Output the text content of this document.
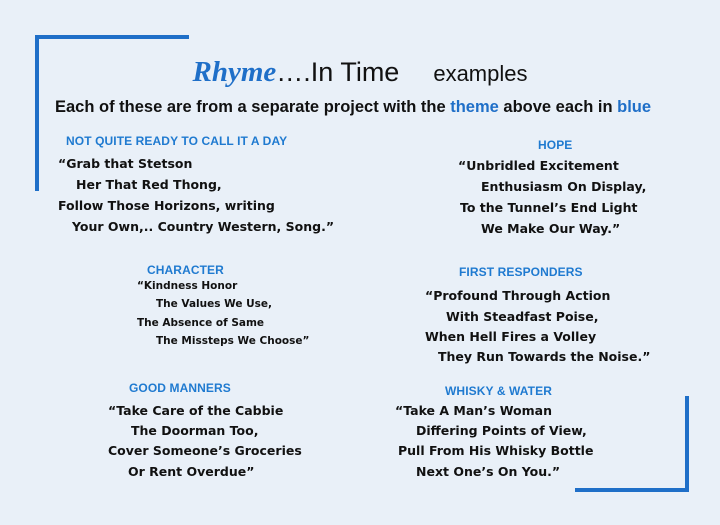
Rhyme….In Time examples
Each of these are from a separate project with the theme above each in blue
NOT QUITE READY TO CALL IT A DAY
“Grab that Stetson
Her That Red Thong,
Follow Those Horizons, writing
Your Own,.. Country Western, Song.”
HOPE
“Unbridled Excitement
Enthusiasm On Display,
To the Tunnel’s End Light
We Make Our Way.”
CHARACTER
“Kindness Honor
The Values We Use,
The Absence of Same
The Missteps We Choose”
FIRST RESPONDERS
“Profound Through Action
With Steadfast Poise,
When Hell Fires a Volley
They Run Towards the Noise.”
GOOD MANNERS
“Take Care of the Cabbie
The Doorman Too,
Cover Someone’s Groceries
Or Rent Overdue”
WHISKY & WATER
“Take A Man’s Woman
Differing Points of View,
Pull From His Whisky Bottle
Next One’s On You.”
